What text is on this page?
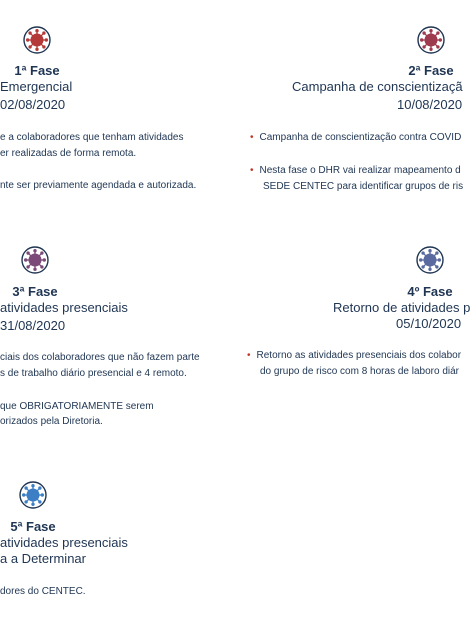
1ª Fase
Emergencial
02/08/2020
e a colaboradores que tenham atividades
er realizadas de forma remota.
nte ser previamente agendada e autorizada.
2ª Fase
Campanha de conscientizaçã
10/08/2020
• Campanha de conscientização contra COVID
• Nesta fase o DHR vai realizar mapeamento d
SEDE CENTEC para identificar grupos de ris
3ª Fase
atividades presenciais
31/08/2020
ciais dos colaboradores que não fazem parte
s de trabalho diário presencial e 4 remoto.
que OBRIGATORIAMENTE serem
orizados pela Diretoria.
4º Fase
Retorno de atividades p
05/10/2020
• Retorno as atividades presenciais dos colabor
do grupo de risco com 8 horas de laboro diár
5ª Fase
atividades presenciais
a a Determinar
dores do CENTEC.
